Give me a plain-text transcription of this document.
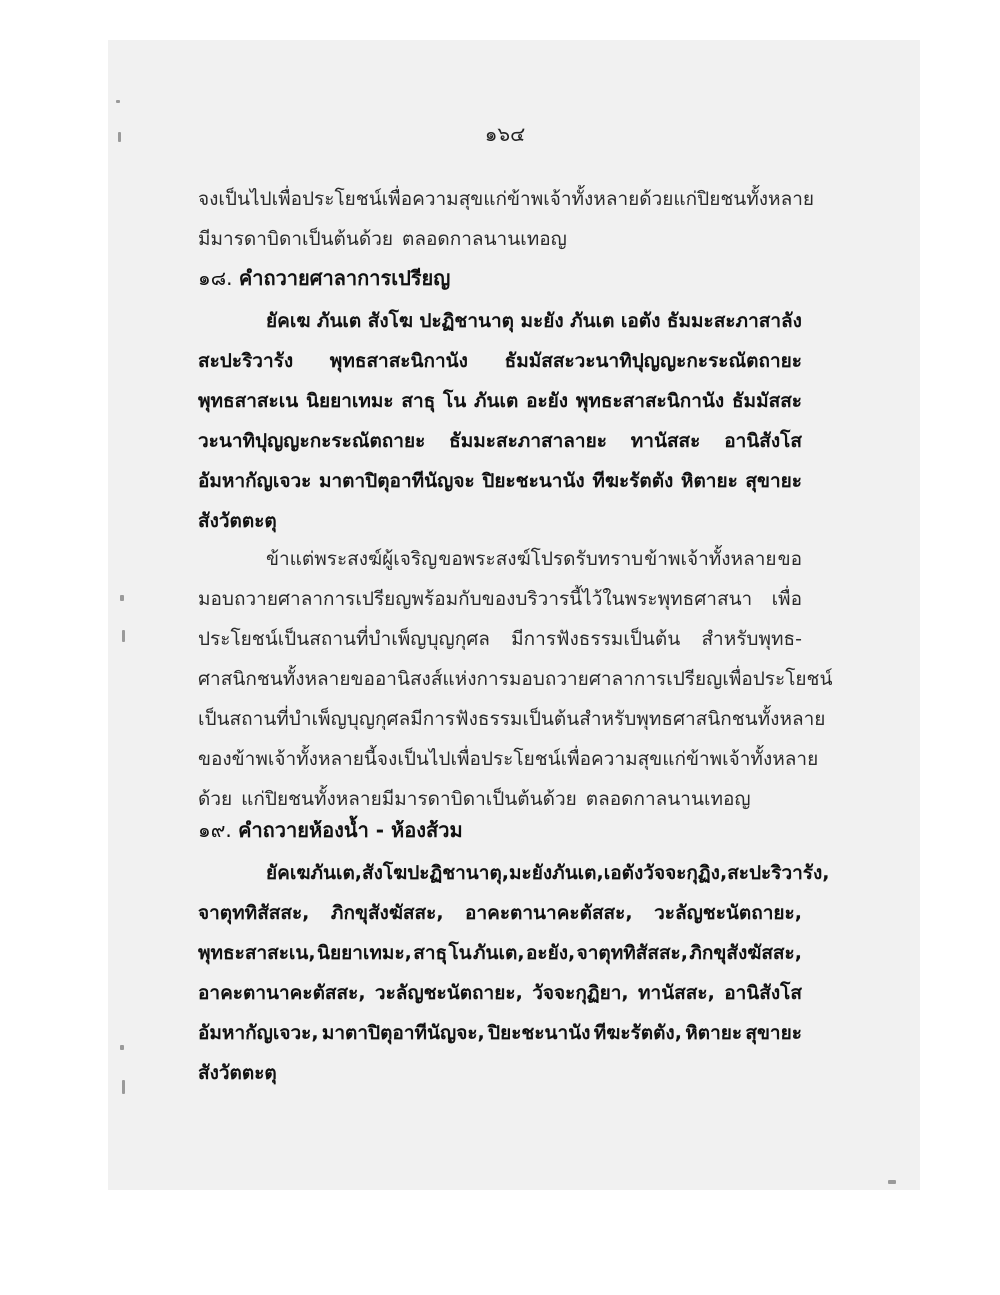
๑๖๔
จงเป็นไปเพื่อประโยชน์เพื่อความสุข แก่ข้าพเจ้าทั้งหลายด้วย แก่ปิยชนทั้งหลาย
มีมารดาบิดาเป็นต้นด้วย ตลอดกาลนานเทอญ
๑๘. คำถวายศาลาการเปรียญ
ยัคเฆ ภันเต สังโฆ ปะฏิชานาตุ มะยัง ภันเต เอตัง ธัมมะสะภาสาลัง
สะปะริวารัง พุทธสาสะนิกานัง ธัมมัสสะวะนาทิปุญญะกะระณัตถายะ
พุทธสาสะเน นิยยาเทมะ สาธุ โน ภันเต อะยัง พุทธะสาสะนิกานัง ธัมมัสสะ
วะนาทิปุญญะกะระณัตถายะ ธัมมะสะภาสาลายะ ทานัสสะ อานิสังโส
อัมหากัญเจวะ มาตาปิตุอาทีนัญจะ ปิยะชะนานัง ทีฆะรัตตัง หิตายะ สุขายะ
สังวัตตะตุ
ข้าแต่พระสงฆ์ผู้เจริญ ขอพระสงฆ์โปรดรับทราบ ข้าพเจ้าทั้งหลาย ขอ
มอบถวายศาลาการเปรียญพร้อมกับของบริวารนี้ไว้ในพระพุทธศาสนา เพื่อ
ประโยชน์เป็นสถานที่บำเพ็ญบุญกุศล มีการฟังธรรมเป็นต้น สำหรับพุทธ-
ศาสนิกชนทั้งหลาย ขออานิสงส์แห่งการมอบถวายศาลาการเปรียญเพื่อประโยชน์
เป็นสถานที่บำเพ็ญบุญกุศลมีการฟังธรรมเป็นต้นสำหรับพุทธศาสนิกชนทั้งหลาย
ของข้าพเจ้าทั้งหลายนี้ จงเป็นไปเพื่อประโยชน์เพื่อความสุข แก่ข้าพเจ้าทั้งหลาย
ด้วย แก่ปิยชนทั้งหลายมีมารดาบิดาเป็นต้นด้วย ตลอดกาลนานเทอญ
๑๙. คำถวายห้องน้ำ - ห้องส้วม
ยัคเฆ ภันเต, สังโฆ ปะฏิชานาตุ, มะยัง ภันเต, เอตัง วัจจะกุฏิง, สะปะริวารัง,
จาตุททิสัสสะ, ภิกขุสังฆัสสะ, อาคะตานาคะตัสสะ, วะลัญชะนัตถายะ,
พุทธะสาสะเน, นิยยาเทมะ, สาธุ โน ภันเต, อะยัง, จาตุททิสัสสะ, ภิกขุสังฆัสสะ,
อาคะตานาคะตัสสะ, วะลัญชะนัตถายะ, วัจจะกุฏิยา, ทานัสสะ, อานิสังโส
อัมหากัญเจวะ, มาตาปิตุอาทีนัญจะ, ปิยะชะนานัง ทีฆะรัตตัง, หิตายะ สุขายะ
สังวัตตะตุ
